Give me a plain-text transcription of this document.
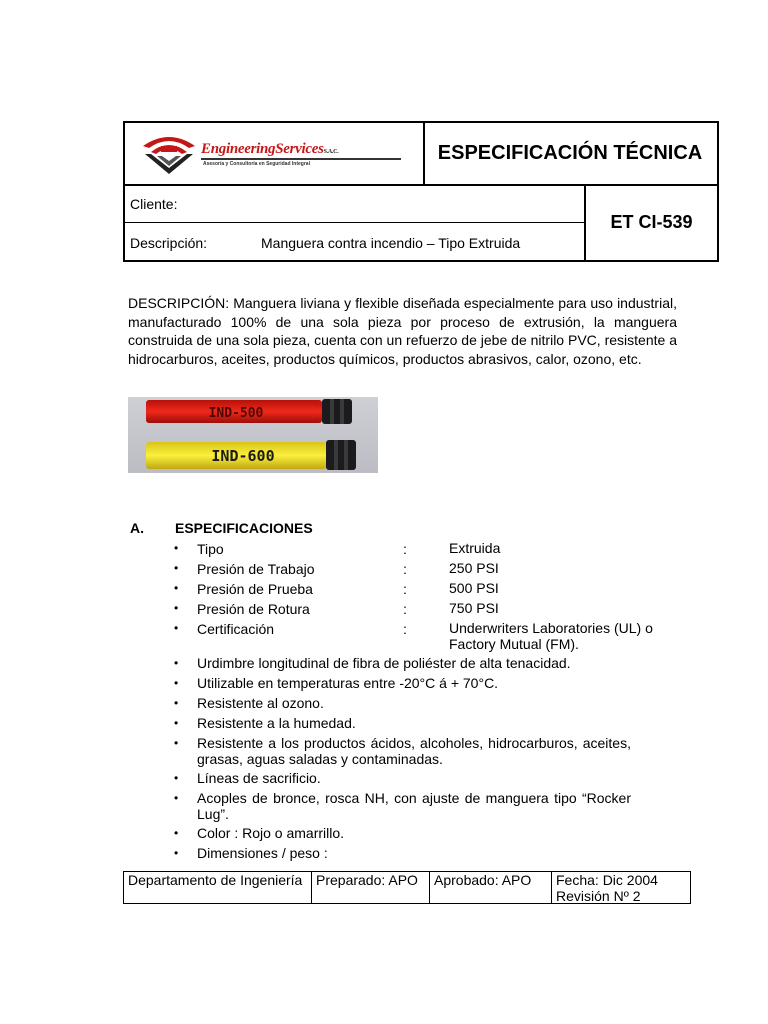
EngineeringServicesS.A.C.
Asesoría y Consultoría en Seguridad Integral	ESPECIFICACIÓN TÉCNICA
Cliente:
Descripción:	Manguera contra incendio – Tipo Extruida
ET CI-539
DESCRIPCIÓN: Manguera liviana y flexible diseñada especialmente para uso industrial, manufacturado 100% de una sola pieza por proceso de extrusión, la manguera construida de una sola pieza, cuenta con un refuerzo de jebe de nitrilo PVC, resistente a hidrocarburos, aceites, productos químicos, productos abrasivos, calor, ozono, etc.
IND-500
IND-600
A. ESPECIFICACIONES
• Tipo	:	Extruida
• Presión de Trabajo	:	250 PSI
• Presión de Prueba	:	500 PSI
• Presión de Rotura	:	750 PSI
• Certificación	:	Underwriters Laboratories (UL) o
Factory Mutual (FM).
• Urdimbre longitudinal de fibra de poliéster de alta tenacidad.
• Utilizable en temperaturas entre -20°C á + 70°C.
• Resistente al ozono.
• Resistente a la humedad.
• Resistente a los productos ácidos, alcoholes, hidrocarburos, aceites, grasas, aguas saladas y contaminadas.
• Líneas de sacrificio.
• Acoples de bronce, rosca NH, con ajuste de manguera tipo “Rocker Lug”.
• Color : Rojo o amarrillo.
• Dimensiones / peso :
Departamento de Ingeniería Preparado: APO	Aprobado: APO	Fecha: Dic 2004
Revisión Nº 2
